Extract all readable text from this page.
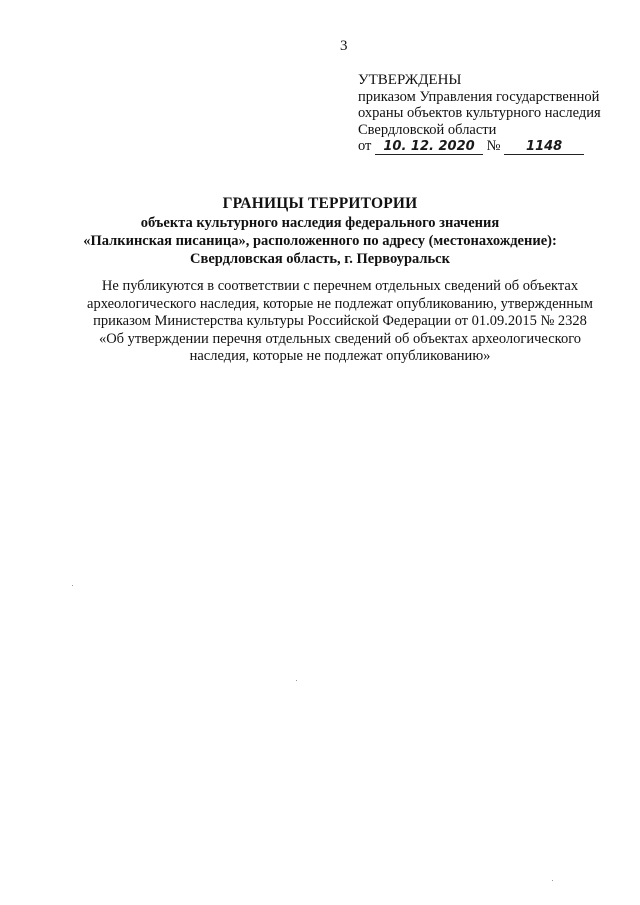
3
УТВЕРЖДЕНЫ
приказом Управления государственной
охраны объектов культурного наследия
Свердловской области
от 10. 12. 2020 № 1148
ГРАНИЦЫ ТЕРРИТОРИИ
объекта культурного наследия федерального значения
«Палкинская писаница», расположенного по адресу (местонахождение):
Свердловская область, г. Первоуральск
Не публикуются в соответствии с перечнем отдельных сведений об объектах
археологического наследия, которые не подлежат опубликованию, утвержденным
приказом Министерства культуры Российской Федерации от 01.09.2015 № 2328
«Об утверждении перечня отдельных сведений об объектах археологического
наследия, которые не подлежат опубликованию»
